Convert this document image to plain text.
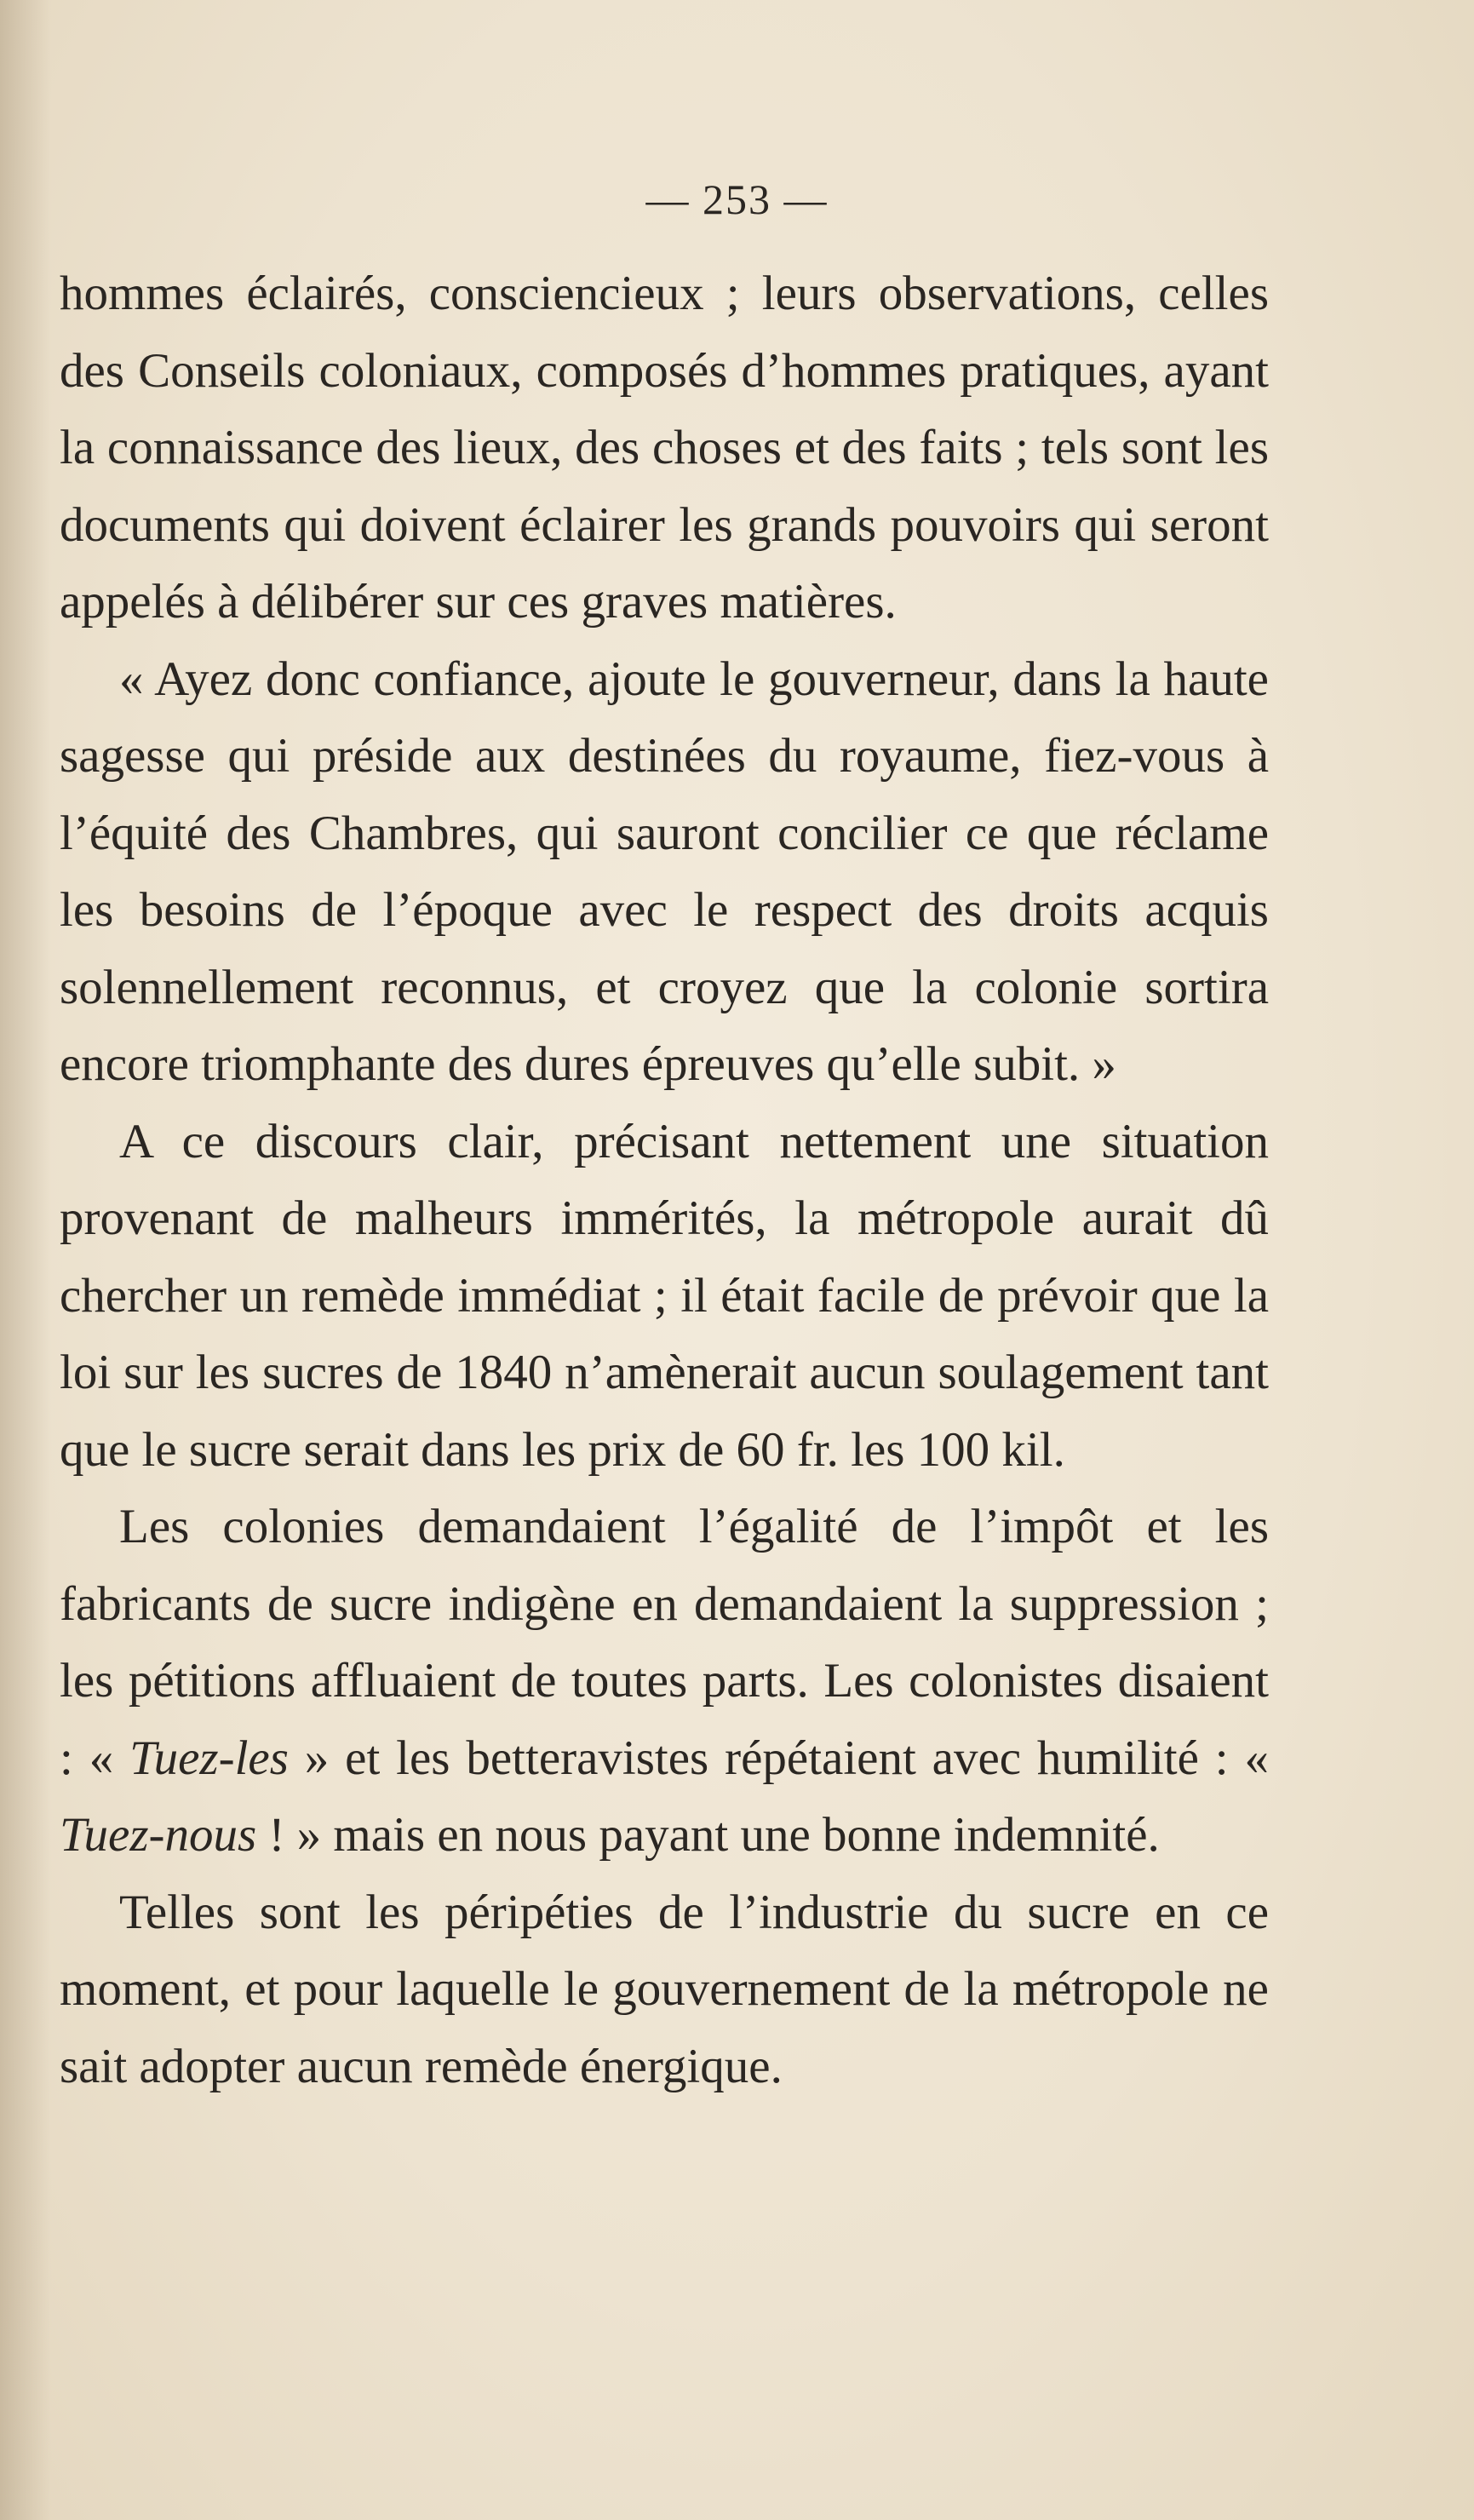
— 253 —

hommes éclairés, consciencieux ; leurs observations, celles des Conseils coloniaux, composés d’hommes pratiques, ayant la connaissance des lieux, des choses et des faits ; tels sont les documents qui doivent éclairer les grands pouvoirs qui seront appelés à délibérer sur ces graves matières.

« Ayez donc confiance, ajoute le gouverneur, dans la haute sagesse qui préside aux destinées du royaume, fiez-vous à l’équité des Chambres, qui sauront concilier ce que réclame les besoins de l’époque avec le respect des droits acquis solennellement reconnus, et croyez que la colonie sortira encore triomphante des dures épreuves qu’elle subit. »

A ce discours clair, précisant nettement une situation provenant de malheurs immérités, la métropole aurait dû chercher un remède immédiat ; il était facile de prévoir que la loi sur les sucres de 1840 n’amènerait aucun soulagement tant que le sucre serait dans les prix de 60 fr. les 100 kil.

Les colonies demandaient l’égalité de l’impôt et les fabricants de sucre indigène en demandaient la suppression ; les pétitions affluaient de toutes parts. Les colonistes disaient : « Tuez-les » et les betteravistes répétaient avec humilité : « Tuez-nous ! » mais en nous payant une bonne indemnité.

Telles sont les péripéties de l’industrie du sucre en ce moment, et pour laquelle le gouvernement de la métropole ne sait adopter aucun remède énergique.
